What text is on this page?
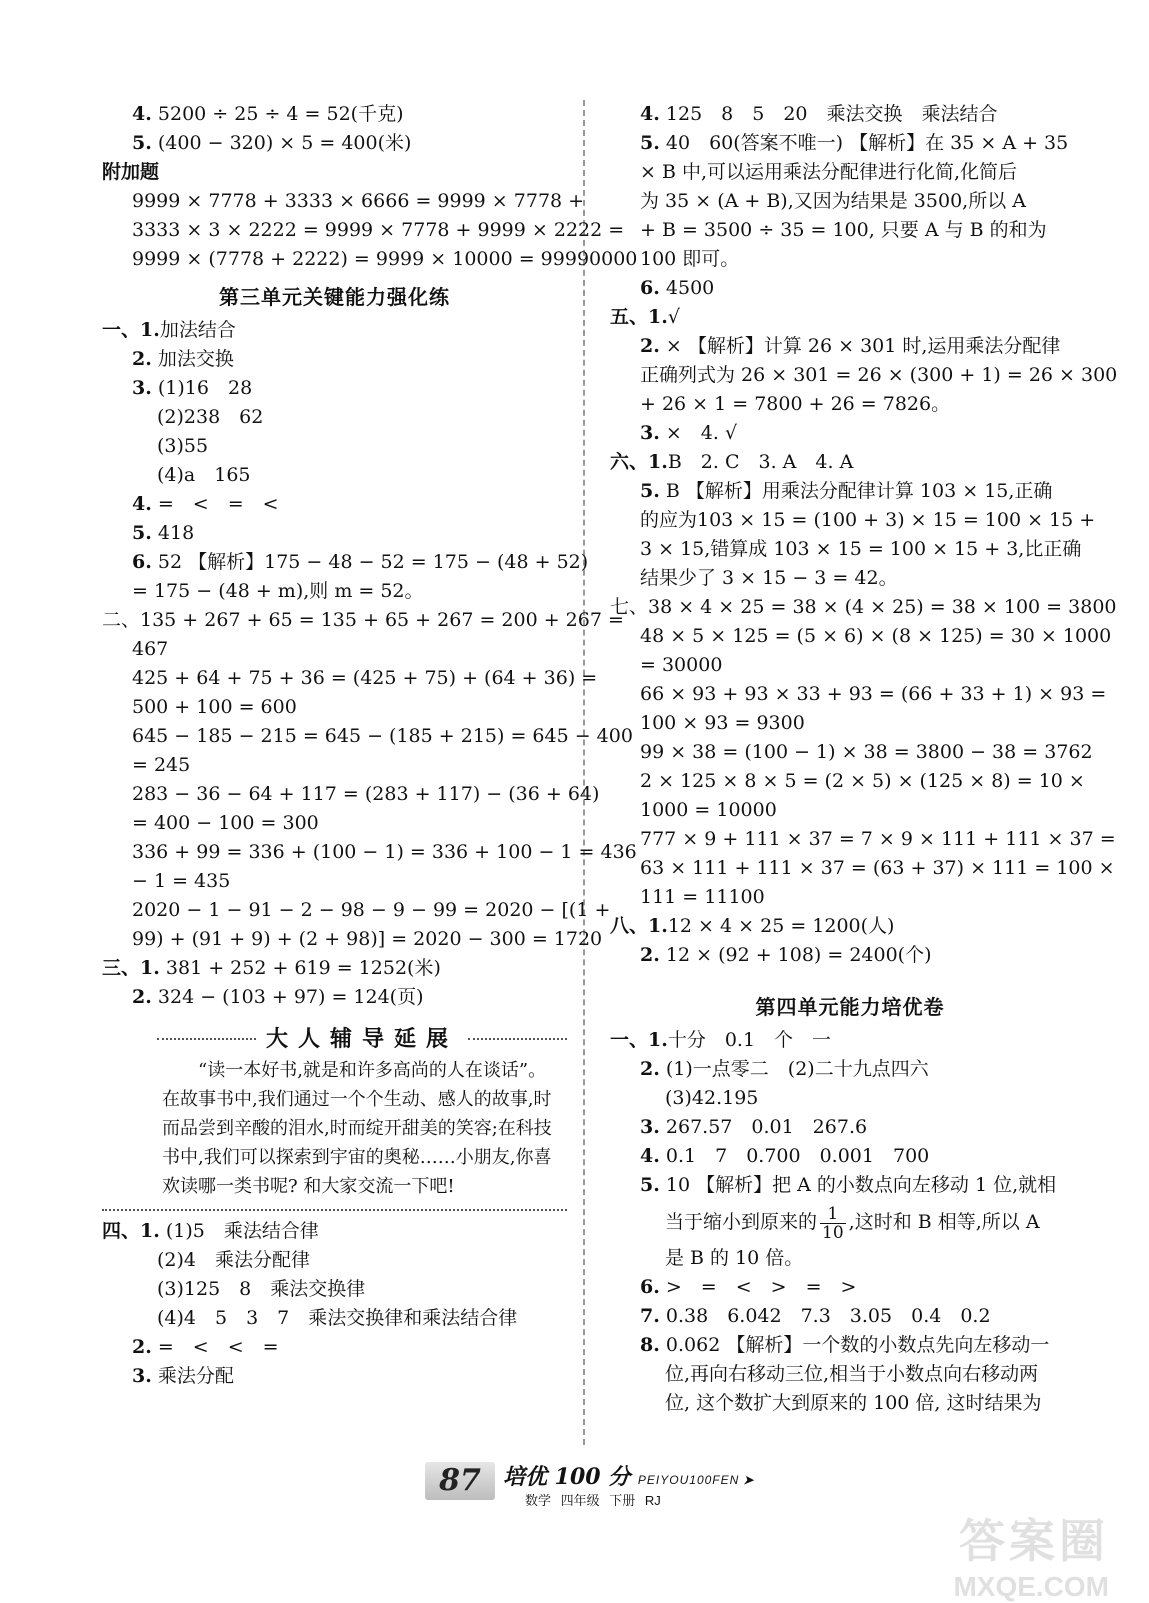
4. 5200 ÷ 25 ÷ 4 = 52(千克)
5. (400 − 320) × 5 = 400(米)
附加题
9999 × 7778 + 3333 × 6666 = 9999 × 7778 +
3333 × 3 × 2222 = 9999 × 7778 + 9999 × 2222 =
9999 × (7778 + 2222) = 9999 × 10000 = 99990000
第三单元关键能力强化练
一、1.加法结合
2. 加法交换
3. (1)16　28
(2)238　62
(3)55
(4)a　165
4. =　<　=　<
5. 418
6. 52 【解析】175 − 48 − 52 = 175 − (48 + 52)
= 175 − (48 + m),则 m = 52。
二、135 + 267 + 65 = 135 + 65 + 267 = 200 + 267 =
467
425 + 64 + 75 + 36 = (425 + 75) + (64 + 36) =
500 + 100 = 600
645 − 185 − 215 = 645 − (185 + 215) = 645 − 400
= 245
283 − 36 − 64 + 117 = (283 + 117) − (36 + 64)
= 400 − 100 = 300
336 + 99 = 336 + (100 − 1) = 336 + 100 − 1 = 436
− 1 = 435
2020 − 1 − 91 − 2 − 98 − 9 − 99 = 2020 − [(1 +
99) + (91 + 9) + (2 + 98)] = 2020 − 300 = 1720
三、1. 381 + 252 + 619 = 1252(米)
2. 324 − (103 + 97) = 124(页)
大人辅导延展

“读一本好书,就是和许多高尚的人在谈话”。在故事书中,我们通过一个个生动、感人的故事,时而品尝到辛酸的泪水,时而绽开甜美的笑容;在科技书中,我们可以探索到宇宙的奥秘……小朋友,你喜欢读哪一类书呢? 和大家交流一下吧!

四、1. (1)5　乘法结合律
(2)4　乘法分配律
(3)125　8　乘法交换律
(4)4　5　3　7　乘法交换律和乘法结合律
2. =　<　<　=
3. 乘法分配
4. 125　8　5　20　乘法交换　乘法结合
5. 40　60(答案不唯一) 【解析】在 35 × A + 35
× B 中,可以运用乘法分配律进行化简,化简后
为 35 × (A + B),又因为结果是 3500,所以 A
+ B = 3500 ÷ 35 = 100, 只要 A 与 B 的和为
100 即可。
6. 4500
五、1.√
2. × 【解析】计算 26 × 301 时,运用乘法分配律
正确列式为 26 × 301 = 26 × (300 + 1) = 26 × 300
+ 26 × 1 = 7800 + 26 = 7826。
3. ×　4. √
六、1.B　2. C　3. A　4. A
5. B 【解析】用乘法分配律计算 103 × 15,正确
的应为103 × 15 = (100 + 3) × 15 = 100 × 15 +
3 × 15,错算成 103 × 15 = 100 × 15 + 3,比正确
结果少了 3 × 15 − 3 = 42。
七、38 × 4 × 25 = 38 × (4 × 25) = 38 × 100 = 3800
48 × 5 × 125 = (5 × 6) × (8 × 125) = 30 × 1000
= 30000
66 × 93 + 93 × 33 + 93 = (66 + 33 + 1) × 93 =
100 × 93 = 9300
99 × 38 = (100 − 1) × 38 = 3800 − 38 = 3762
2 × 125 × 8 × 5 = (2 × 5) × (125 × 8) = 10 ×
1000 = 10000
777 × 9 + 111 × 37 = 7 × 9 × 111 + 111 × 37 =
63 × 111 + 111 × 37 = (63 + 37) × 111 = 100 ×
111 = 11100
八、1.12 × 4 × 25 = 1200(人)
2. 12 × (92 + 108) = 2400(个)
第四单元能力培优卷
一、1.十分　0.1　个　一
2. (1)一点零二　(2)二十九点四六
(3)42.195
3. 267.57　0.01　267.6
4. 0.1　7　0.700　0.001　700
5. 10 【解析】把 A 的小数点向左移动 1 位,就相
当于缩小到原来的 $\frac{1}{10}$ ,这时和 B 相等,所以 A
是 B 的 10 倍。
6. >　=　<　>　=　>
7. 0.38　6.042　7.3　3.05　0.4　0.2
8. 0.062 【解析】一个数的小数点先向左移动一
位,再向右移动三位,相当于小数点向右移动两
位, 这个数扩大到原来的 100 倍, 这时结果为
87	培优 100 分 PEIYOU100FEN ➤
数学 四年级 下册 RJ
答案圈
MXQE.COM
